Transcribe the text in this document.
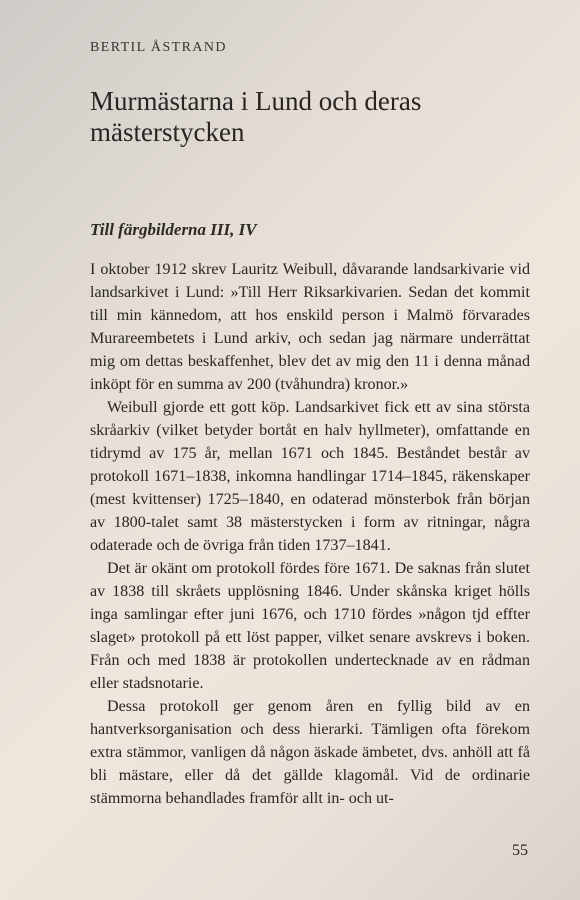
BERTIL ÅSTRAND

Murmästarna i Lund och deras mästerstycken
Till färgbilderna III, IV

I oktober 1912 skrev Lauritz Weibull, dåvarande landsarkivarie vid landsarkivet i Lund: »Till Herr Riksarkivarien. Sedan det kommit till min kännedom, att hos enskild person i Malmö förvarades Murareembetets i Lund arkiv, och sedan jag närmare underrättat mig om dettas beskaffenhet, blev det av mig den 11 i denna månad inköpt för en summa av 200 (tvåhundra) kronor.»

Weibull gjorde ett gott köp. Landsarkivet fick ett av sina största skråarkiv (vilket betyder bortåt en halv hyllmeter), omfattande en tidrymd av 175 år, mellan 1671 och 1845. Beståndet består av protokoll 1671–1838, inkomna handlingar 1714–1845, räkenskaper (mest kvittenser) 1725–1840, en odaterad mönsterbok från början av 1800-talet samt 38 mästerstycken i form av ritningar, några odaterade och de övriga från tiden 1737–1841.

Det är okänt om protokoll fördes före 1671. De saknas från slutet av 1838 till skråets upplösning 1846. Under skånska kriget hölls inga samlingar efter juni 1676, och 1710 fördes »någon tjd effter slaget» protokoll på ett löst papper, vilket senare avskrevs i boken. Från och med 1838 är protokollen undertecknade av en rådman eller stadsnotarie.

Dessa protokoll ger genom åren en fyllig bild av en hantverksorganisation och dess hierarki. Tämligen ofta förekom extra stämmor, vanligen då någon äskade ämbetet, dvs. anhöll att få bli mästare, eller då det gällde klagomål. Vid de ordinarie stämmorna behandlades framför allt in- och ut-

55
